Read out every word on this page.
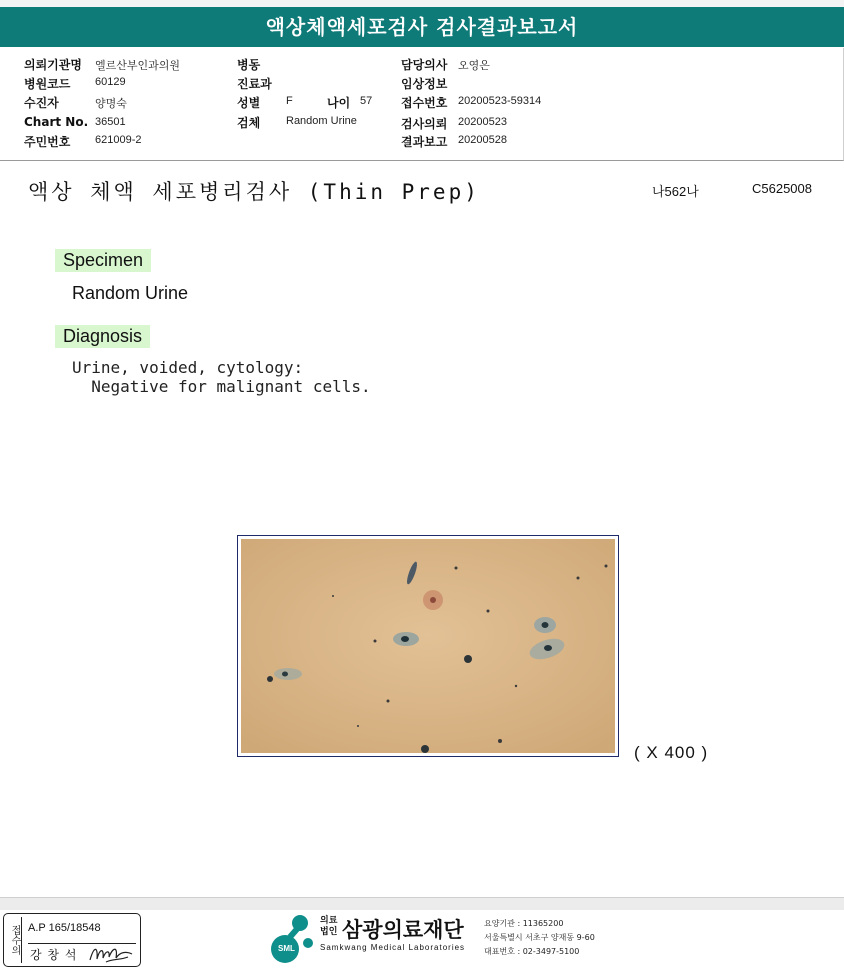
액상체액세포검사 검사결과보고서
의뢰기관명 엘르산부인과의원
병원코드 60129
수진자	양명숙
Chart No. 36501
주민번호 621009-2
병동
진료과
성별 F	나이 57
검체 Random Urine
담당의사 오영은
임상정보
접수번호 20200523-59314
검사의뢰 20200523
결과보고 20200528
액상 체액 세포병리검사 (Thin Prep)	나562나	C5625008
Specimen
Random Urine
Diagnosis
Urine, voided, cytology:
Negative for malignant cells.
( X 400 )
접수의 A.P 165/18548
강 창 석	SML
의료법인 삼광의료재단
Samkwang Medical Laboratories
요양기관 : 11365200
서울특별시 서초구 양재동 9-60
대표번호 : 02-3497-5100
